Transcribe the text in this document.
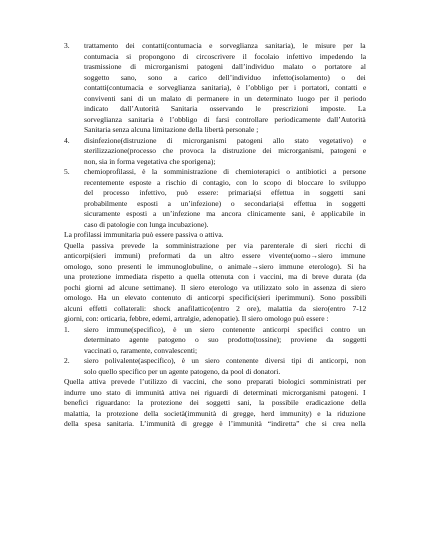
3. trattamento dei contatti(contumacia e sorveglianza sanitaria), le misure per la
contumacia si propongono di circoscrivere il focolaio infettivo impedendo la
trasmissione di microrganismi patogeni dall’individuo malato o portatore al
soggetto sano, sono a carico dell’individuo infetto(isolamento) o dei
contatti(contumacia e sorveglianza sanitaria), è l’obbligo per i portatori, contatti e
conviventi sani di un malato di permanere in un determinato luogo per il periodo
indicato dall’Autorità Sanitaria osservando le prescrizioni imposte. La
sorveglianza sanitaria è l’obbligo di farsi controllare periodicamente dall’Autorità
Sanitaria senza alcuna limitazione della libertà personale ;
4. disinfezione(distruzione di microrganismi patogeni allo stato vegetativo) e
sterilizzazione(processo che provoca la distruzione dei microrganismi, patogeni e
non, sia in forma vegetativa che sporigena);
5. chemioprofilassi, è la somministrazione di chemioterapici o antibiotici a persone
recentemente esposte a rischio di contagio, con lo scopo di bloccare lo sviluppo
del processo infettivo, può essere: primaria(si effettua in soggetti sani
probabilmente esposti a un’infezione) o secondaria(si effettua in soggetti
sicuramente esposti a un’infezione ma ancora clinicamente sani, è applicabile in
caso di patologie con lunga incubazione).
La profilassi immunitaria può essere passiva o attiva.
Quella passiva prevede la somministrazione per via parenterale di sieri ricchi di
anticorpi(sieri immuni) preformati da un altro essere vivente(uomo→siero immune
omologo, sono presenti le immunoglobuline, o animale→siero immune eterologo). Si ha
una protezione immediata rispetto a quella ottenuta con i vaccini, ma di breve durata (da
pochi giorni ad alcune settimane). Il siero eterologo va utilizzato solo in assenza di siero
omologo. Ha un elevato contenuto di anticorpi specifici(sieri iperimmuni). Sono possibili
alcuni effetti collaterali: shock anafilattico(entro 2 ore), malattia da siero(entro 7-12
giorni, con: orticaria, febbre, edemi, artralgie, adenopatie). Il siero omologo può essere :
1. siero immune(specifico), è un siero contenente anticorpi specifici contro un
determinato agente patogeno o suo prodotto(tossine); proviene da soggetti
vaccinati o, raramente, convalescenti;
2. siero polivalente(aspecifico), è un siero contenente diversi tipi di anticorpi, non
solo quello specifico per un agente patogeno, da pool di donatori.
Quella attiva prevede l’utilizzo di vaccini, che sono preparati biologici somministrati per
indurre uno stato di immunità attiva nei riguardi di determinati microrganismi patogeni. I
benefici riguardano: la protezione dei soggetti sani, la possibile eradicazione della
malattia, la protezione della società(immunità di gregge, herd immunity) e la riduzione
della spesa sanitaria. L’immunità di gregge è l’immunità “indiretta” che si crea nella
